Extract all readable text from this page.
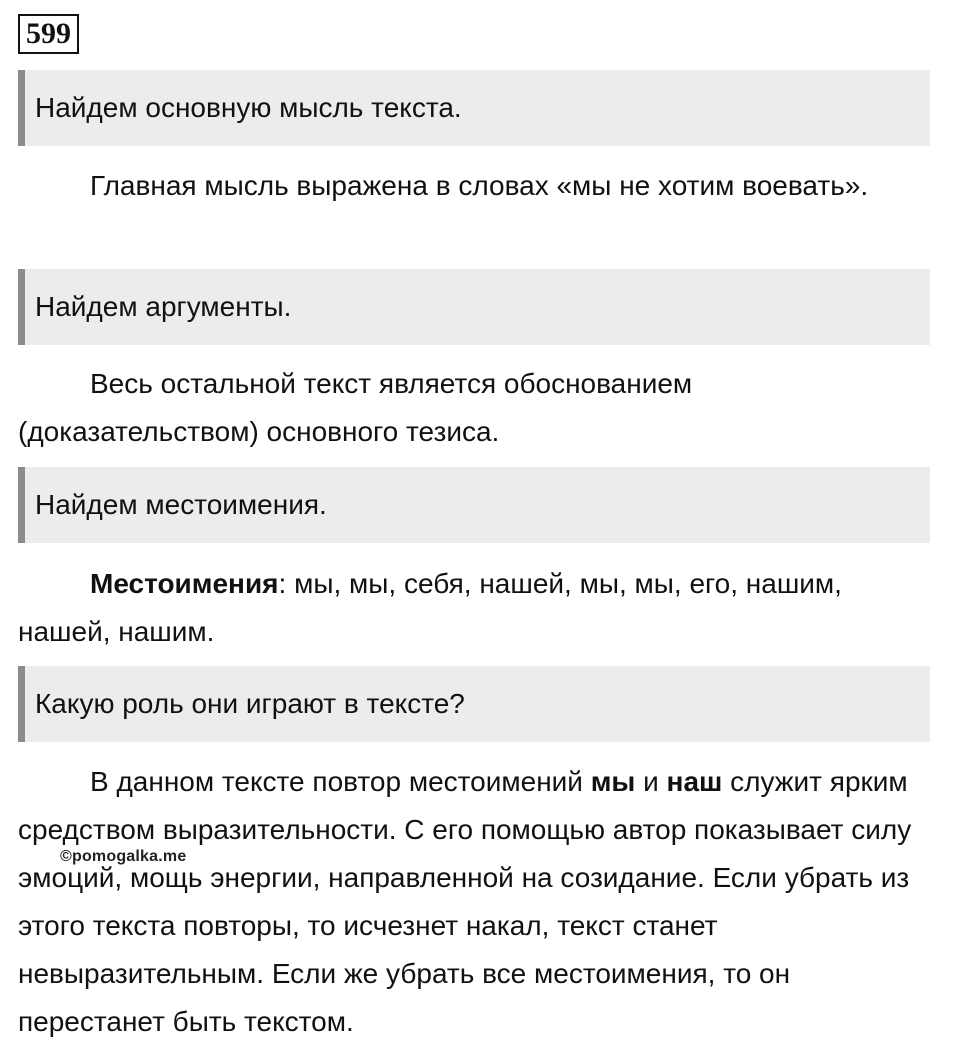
599
Найдем основную мысль текста.

Главная мысль выражена в словах «мы не хотим воевать».

Найдем аргументы.

Весь остальной текст является обоснованием (доказательством) основного тезиса.

Найдем местоимения.

Местоимения: мы, мы, себя, нашей, мы, мы, его, нашим, нашей, нашим.

Какую роль они играют в тексте?

В данном тексте повтор местоимений мы и наш служит ярким средством выразительности. С его помощью автор показывает силу эмоций, мощь энергии, направленной на созидание. Если убрать из этого текста повторы, то исчезнет накал, текст станет невыразительным. Если же убрать все местоимения, то он перестанет быть текстом.

©pomogalka.me
